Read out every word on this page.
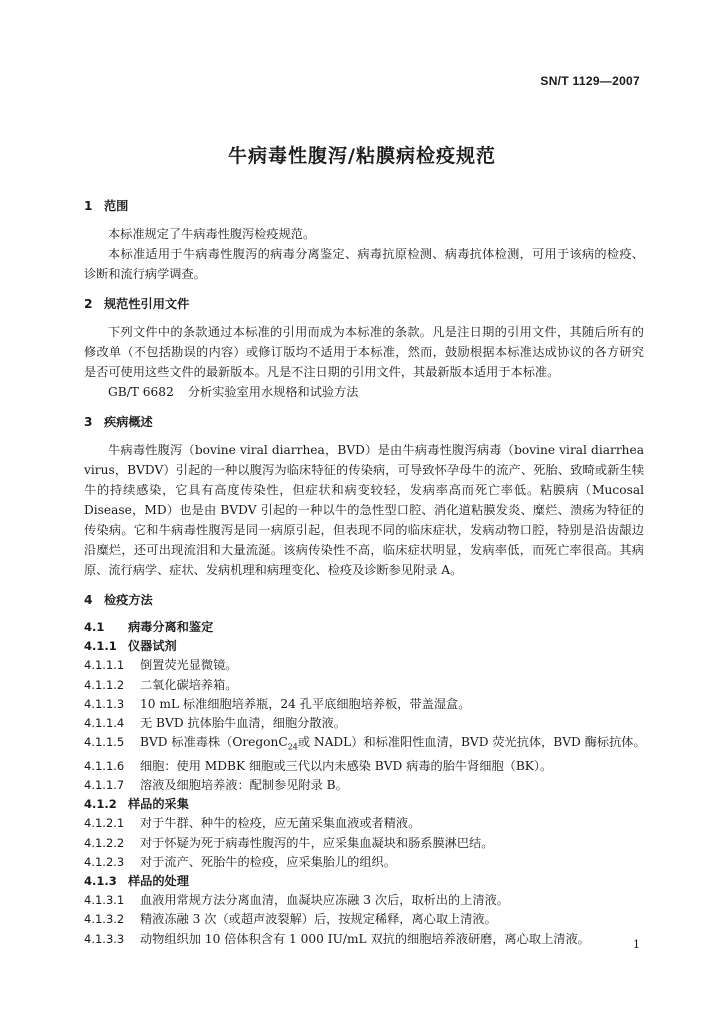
SN/T 1129—2007
牛病毒性腹泻/粘膜病检疫规范

1 范围

本标准规定了牛病毒性腹泻检疫规范。

本标准适用于牛病毒性腹泻的病毒分离鉴定、病毒抗原检测、病毒抗体检测，可用于该病的检疫、诊断和流行病学调查。

2 规范性引用文件

下列文件中的条款通过本标准的引用而成为本标准的条款。凡是注日期的引用文件，其随后所有的修改单（不包括勘误的内容）或修订版均不适用于本标准，然而，鼓励根据本标准达成协议的各方研究是否可使用这些文件的最新版本。凡是不注日期的引用文件，其最新版本适用于本标准。

GB/T 6682 分析实验室用水规格和试验方法

3 疾病概述

牛病毒性腹泻（bovine viral diarrhea，BVD）是由牛病毒性腹泻病毒（bovine viral diarrhea virus，BVDV）引起的一种以腹泻为临床特征的传染病，可导致怀孕母牛的流产、死胎、致畸或新生犊牛的持续感染，它具有高度传染性，但症状和病变较轻，发病率高而死亡率低。粘膜病（Mucosal Disease，MD）也是由 BVDV 引起的一种以牛的急性型口腔、消化道粘膜发炎、糜烂、溃疡为特征的传染病。它和牛病毒性腹泻是同一病原引起，但表现不同的临床症状，发病动物口腔，特别是沿齿龈边沿糜烂，还可出现流泪和大量流涎。该病传染性不高，临床症状明显，发病率低，而死亡率很高。其病原、流行病学、症状、发病机理和病理变化、检疫及诊断参见附录 A。

4 检疫方法

4.1	病毒分离和鉴定

4.1.1 仪器试剂

4.1.1.1	倒置荧光显微镜。

4.1.1.2	二氧化碳培养箱。

4.1.1.3	10 mL 标准细胞培养瓶，24 孔平底细胞培养板，带盖湿盒。

4.1.1.4	无 BVD 抗体胎牛血清，细胞分散液。

4.1.1.5	BVD 标准毒株（OregonC$_{24}$或 NADL）和标准阳性血清，BVD 荧光抗体，BVD 酶标抗体。

4.1.1.6	细胞：使用 MDBK 细胞或三代以内未感染 BVD 病毒的胎牛肾细胞（BK）。

4.1.1.7	溶液及细胞培养液：配制参见附录 B。

4.1.2 样品的采集

4.1.2.1	对于牛群、种牛的检疫，应无菌采集血液或者精液。

4.1.2.2	对于怀疑为死于病毒性腹泻的牛，应采集血凝块和肠系膜淋巴结。

4.1.2.3	对于流产、死胎牛的检疫，应采集胎儿的组织。

4.1.3 样品的处理

4.1.3.1	血液用常规方法分离血清，血凝块应冻融 3 次后，取析出的上清液。

4.1.3.2	精液冻融 3 次（或超声波裂解）后，按规定稀释，离心取上清液。

4.1.3.3	动物组织加 10 倍体积含有 1 000 IU/mL 双抗的细胞培养液研磨，离心取上清液。	1
